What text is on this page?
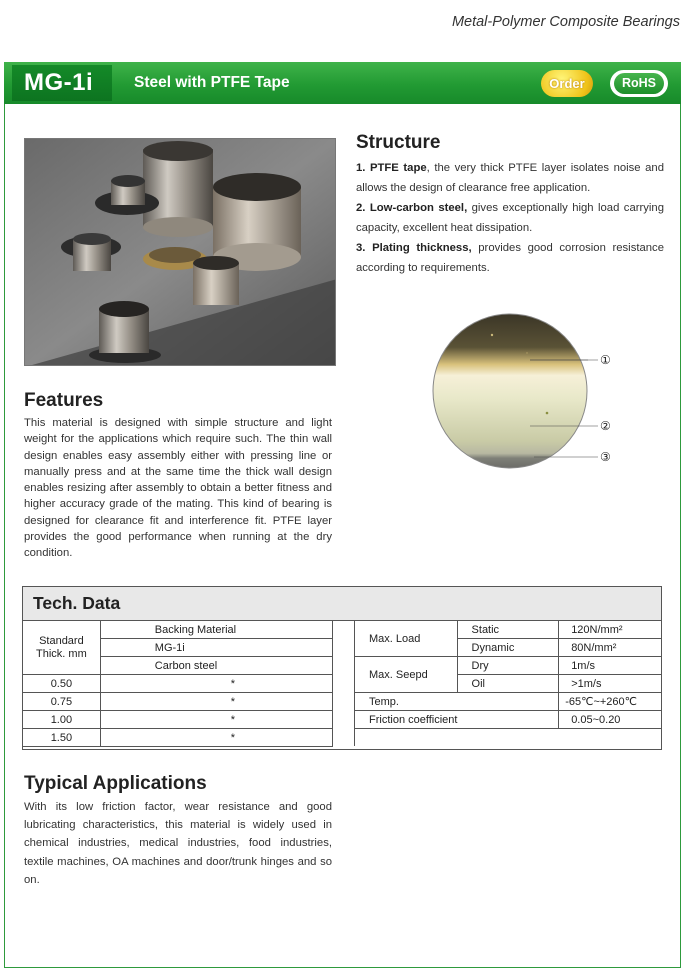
Metal-Polymer Composite Bearings
MG-1i	Steel with PTFE Tape	Order	RoHS
Structure

1. PTFE tape, the very thick PTFE layer isolates noise and allows the design of clearance free application.

2. Low-carbon steel, gives exceptionally high load carrying capacity, excellent heat dissipation.

3. Plating thickness, provides good corrosion resistance according to requirements.

①
②
③
Features

This material is designed with simple structure and light weight for the applications which require such. The thin wall design enables easy assembly either with pressing line or manually press and at the same time the thick wall design enables resizing after assembly to obtain a better fitness and higher accuracy grade of the mating. This kind of bearing is designed for clearance fit and interference fit. PTFE layer provides the good performance when running at the dry condition.

Tech. Data
Standard Thick. mm	Backing Material
	MG-1i
	Carbon steel
0.50	*
0.75	*
1.00	*
1.50	*
Max. Load	Static	120N/mm²
	Dynamic	80N/mm²
Max. Seepd	Dry	1m/s
	Oil	>1m/s
Temp.		-65℃~+260℃
Friction coefficient		0.05~0.20

Typical Applications

With its low friction factor, wear resistance and good lubricating characteristics, this material is widely used in chemical industries, medical industries, food industries, textile machines, OA machines and door/trunk hinges and so on.
